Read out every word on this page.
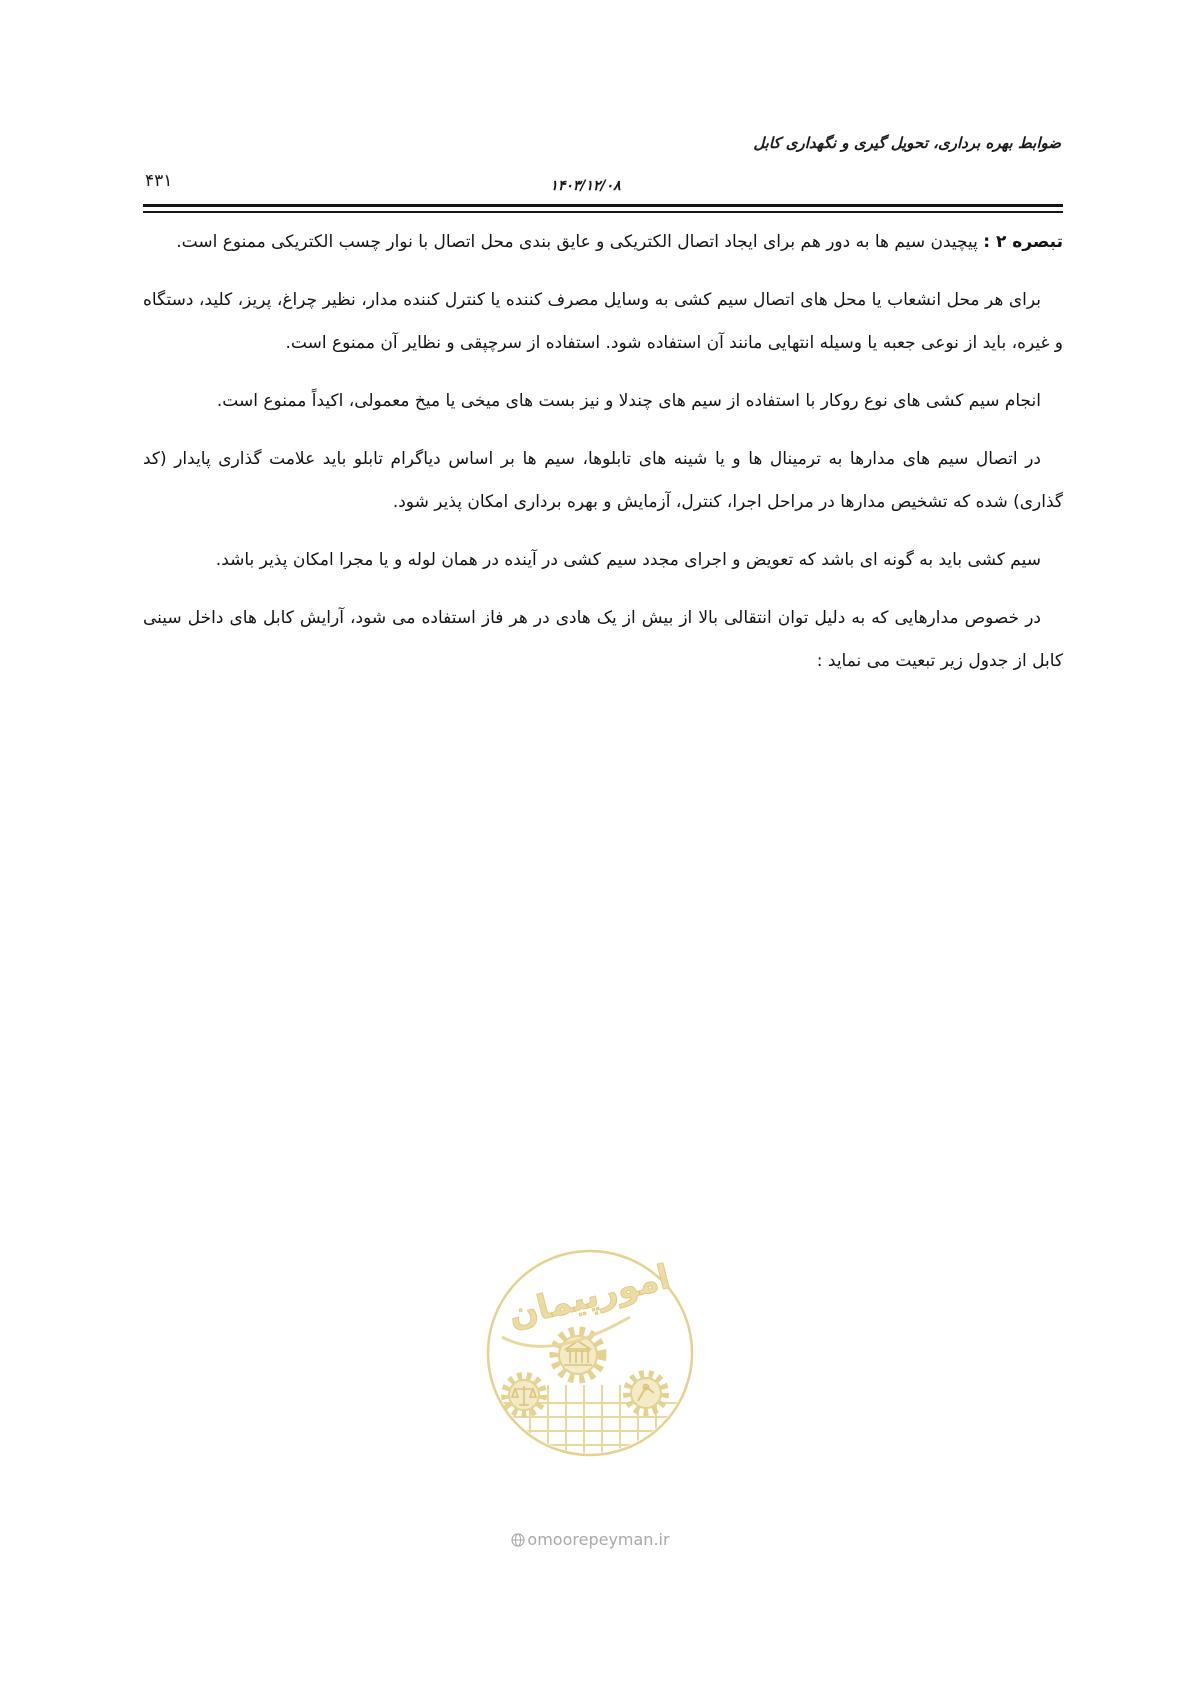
ضوابط بهره برداری، تحویل گیری و نگهداری کابل
۴۳۱	۱۴۰۳/۱۲/۰۸

تبصره ۲ : پیچیدن سیم ها به دور هم برای ایجاد اتصال الکتریکی و عایق بندی محل اتصال با نوار چسب الکتریکی ممنوع است.

برای هر محل انشعاب یا محل های اتصال سیم کشی به وسایل مصرف کننده یا کنترل کننده مدار، نظیر چراغ، پریز، کلید، دستگاه و غیره، باید از نوعی جعبه یا وسیله انتهایی مانند آن استفاده شود. استفاده از سرچپقی و نظایر آن ممنوع است.

انجام سیم کشی های نوع روکار با استفاده از سیم های چندلا و نیز بست های میخی یا میخ معمولی، اکیداً ممنوع است.

در اتصال سیم های مدارها به ترمینال ها و یا شینه های تابلوها، سیم ها بر اساس دیاگرام تابلو باید علامت گذاری پایدار (کد گذاری) شده که تشخیص مدارها در مراحل اجرا، کنترل، آزمایش و بهره برداری امکان پذیر شود.

سیم کشی باید به گونه ای باشد که تعویض و اجرای مجدد سیم کشی در آینده در همان لوله و یا مجرا امکان پذیر باشد.

در خصوص مدارهایی که به دلیل توان انتقالی بالا از بیش از یک هادی در هر فاز استفاده می شود، آرایش کابل های داخل سینی کابل از جدول زیر تبعیت می نماید :

امورپیمان
omoorepeyman.ir
